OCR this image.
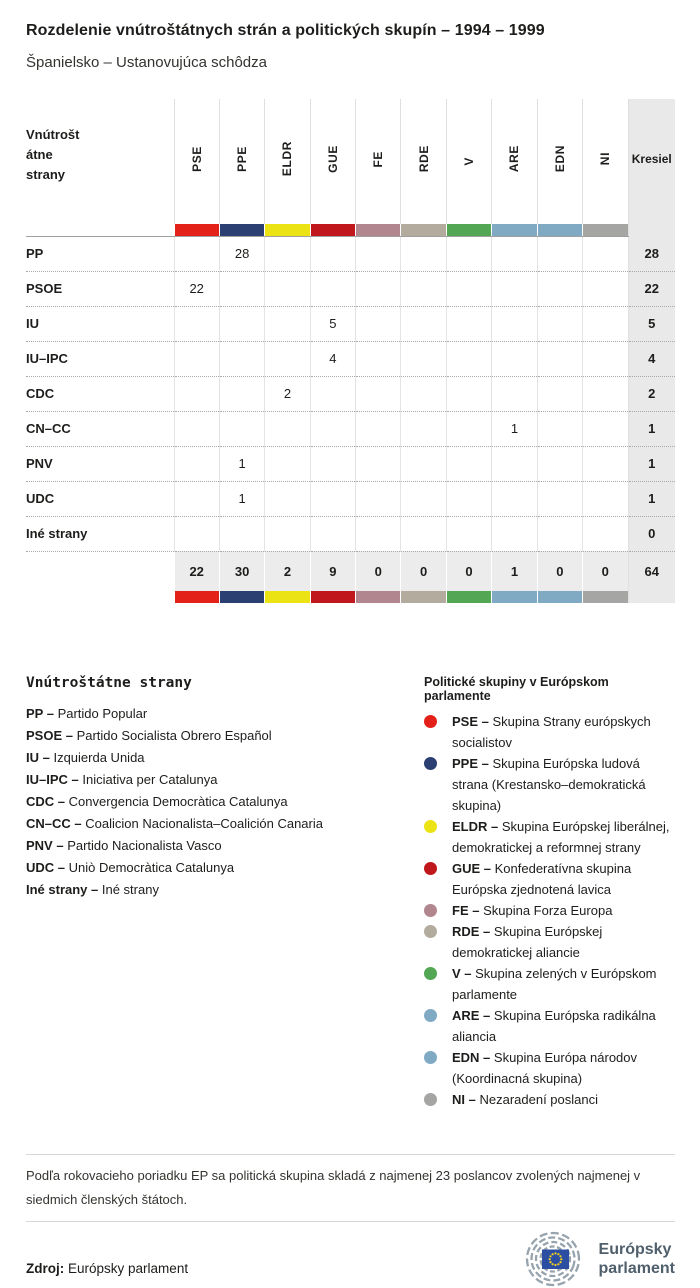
Rozdelenie vnútroštátnych strán a politických skupín – 1994 – 1999
Španielsko – Ustanovujúca schôdza
Vnútrošt
átne
strany	PSE	PPE	ELDR	GUE	FE	RDE	V	ARE	EDN	NI	Kresiel

PP		28									28
PSOE	22										22
IU				5							5
IU–IPC				4							4
CDC			2								2
CN–CC								1			1
PNV		1									1
UDC		1									1
Iné strany											0
	22	30	2	9	0	0	0	1	0	0	64

Vnútroštátne strany
PP – Partido Popular
PSOE – Partido Socialista Obrero Español
IU – Izquierda Unida
IU–IPC – Iniciativa per Catalunya
CDC – Convergencia Democràtica Catalunya
CN–CC – Coalicion Nacionalista–Coalición Canaria
PNV – Partido Nacionalista Vasco
UDC – Uniò Democràtica Catalunya
Iné strany – Iné strany
Politické skupiny v Európskom parlamente
PSE – Skupina Strany európskych socialistov
PPE – Skupina Európska ludová strana (Krestansko–demokratická skupina)
ELDR – Skupina Európskej liberálnej, demokratickej a reformnej strany
GUE – Konfederatívna skupina Európska zjednotená lavica
FE – Skupina Forza Europa
RDE – Skupina Európskej demokratickej aliancie
V – Skupina zelených v Európskom parlamente
ARE – Skupina Európska radikálna aliancia
EDN – Skupina Európa národov (Koordinacná skupina)
NI – Nezaradení poslanci

Podľa rokovacieho poriadku EP sa politická skupina skladá z najmenej 23 poslancov zvolených najmenej v siedmich členských štátoch.

Zdroj: Európsky parlament
Európsky
parlament
